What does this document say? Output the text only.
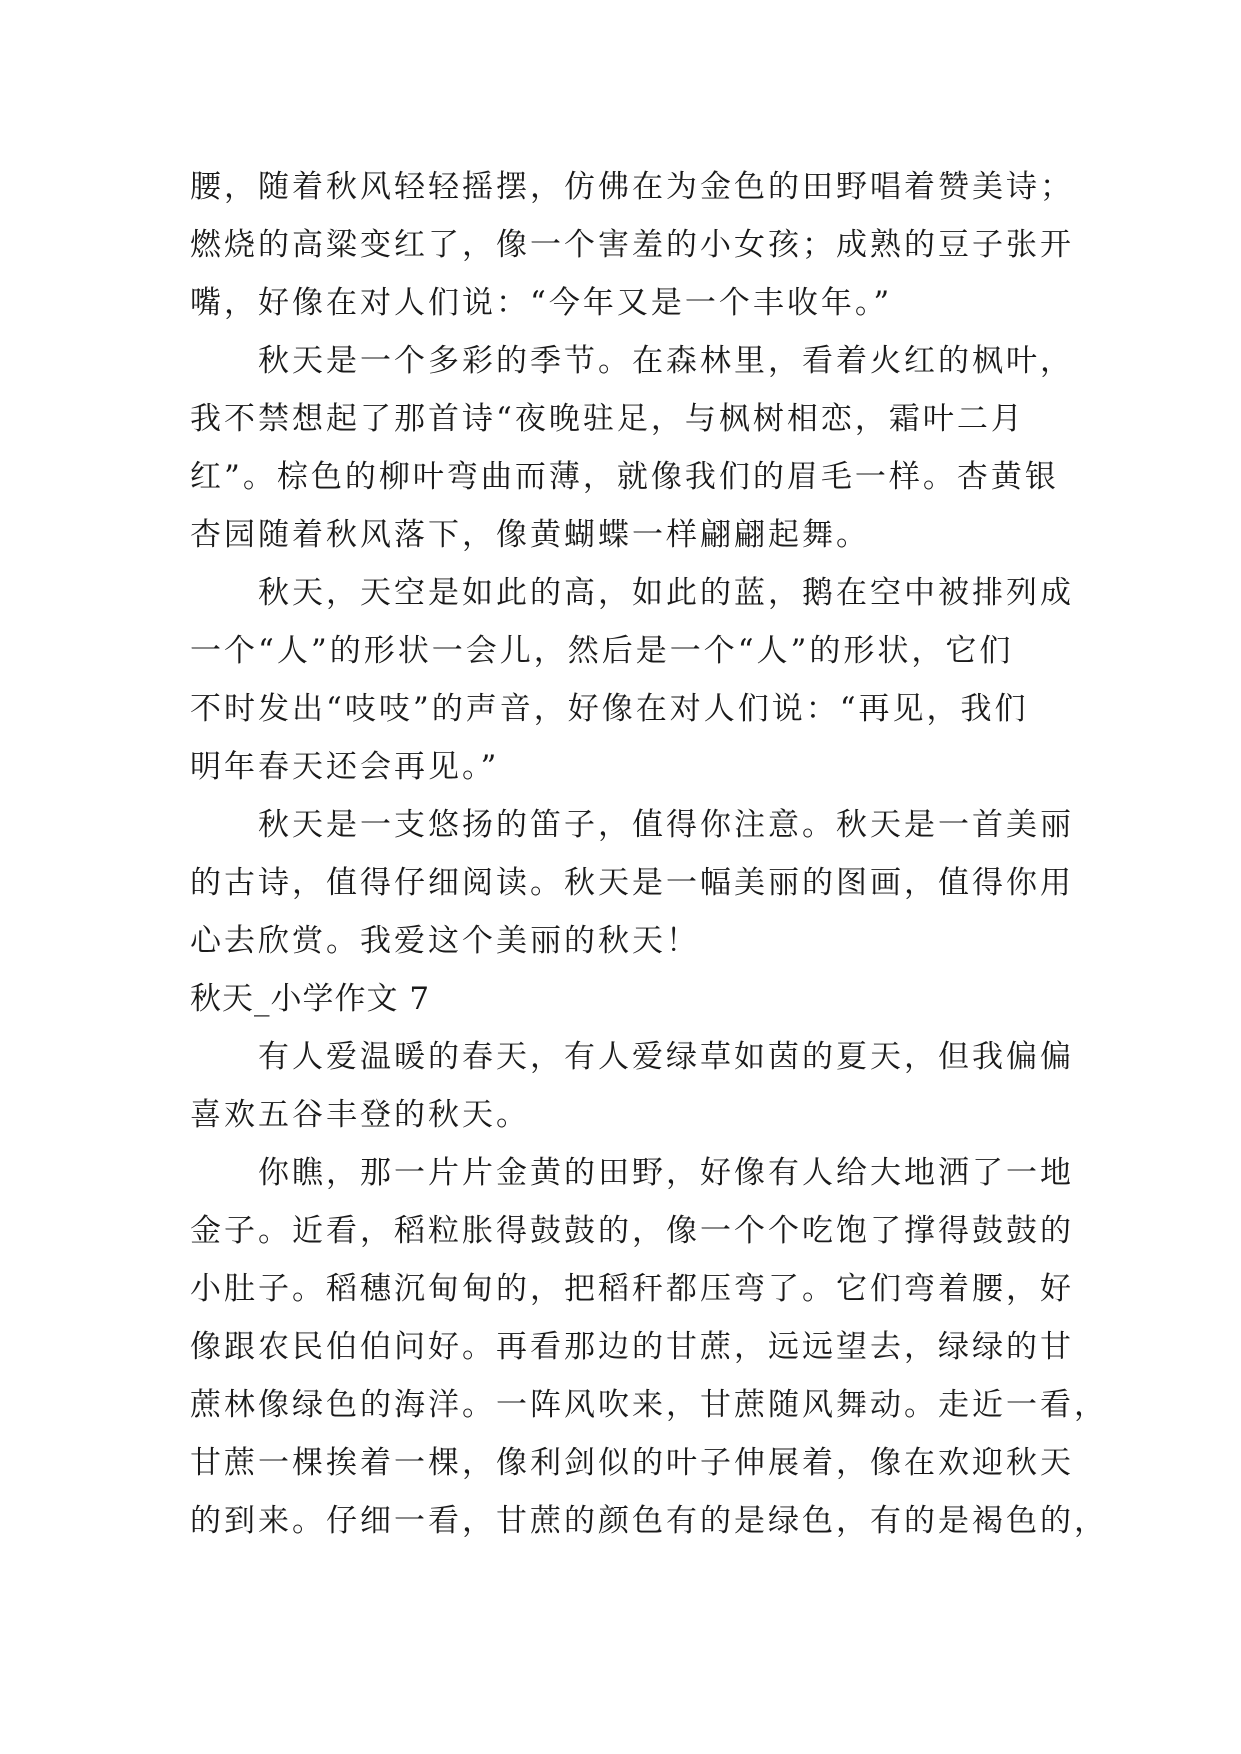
腰，随着秋风轻轻摇摆，仿佛在为金色的田野唱着赞美诗；
燃烧的高粱变红了，像一个害羞的小女孩；成熟的豆子张开
嘴，好像在对人们说：“今年又是一个丰收年。”
秋天是一个多彩的季节。在森林里，看着火红的枫叶，
我不禁想起了那首诗“夜晚驻足，与枫树相恋，霜叶二月
红”。棕色的柳叶弯曲而薄，就像我们的眉毛一样。杏黄银
杏园随着秋风落下，像黄蝴蝶一样翩翩起舞。
秋天，天空是如此的高，如此的蓝，鹅在空中被排列成
一个“人”的形状一会儿，然后是一个“人”的形状，它们
不时发出“吱吱”的声音，好像在对人们说：“再见，我们
明年春天还会再见。”
秋天是一支悠扬的笛子，值得你注意。秋天是一首美丽
的古诗，值得仔细阅读。秋天是一幅美丽的图画，值得你用
心去欣赏。我爱这个美丽的秋天！
秋天_小学作文 7
有人爱温暖的春天，有人爱绿草如茵的夏天，但我偏偏
喜欢五谷丰登的秋天。
你瞧，那一片片金黄的田野，好像有人给大地洒了一地
金子。近看，稻粒胀得鼓鼓的，像一个个吃饱了撑得鼓鼓的
小肚子。稻穗沉甸甸的，把稻秆都压弯了。它们弯着腰，好
像跟农民伯伯问好。再看那边的甘蔗，远远望去，绿绿的甘
蔗林像绿色的海洋。一阵风吹来，甘蔗随风舞动。走近一看，
甘蔗一棵挨着一棵，像利剑似的叶子伸展着，像在欢迎秋天
的到来。仔细一看，甘蔗的颜色有的是绿色，有的是褐色的，
